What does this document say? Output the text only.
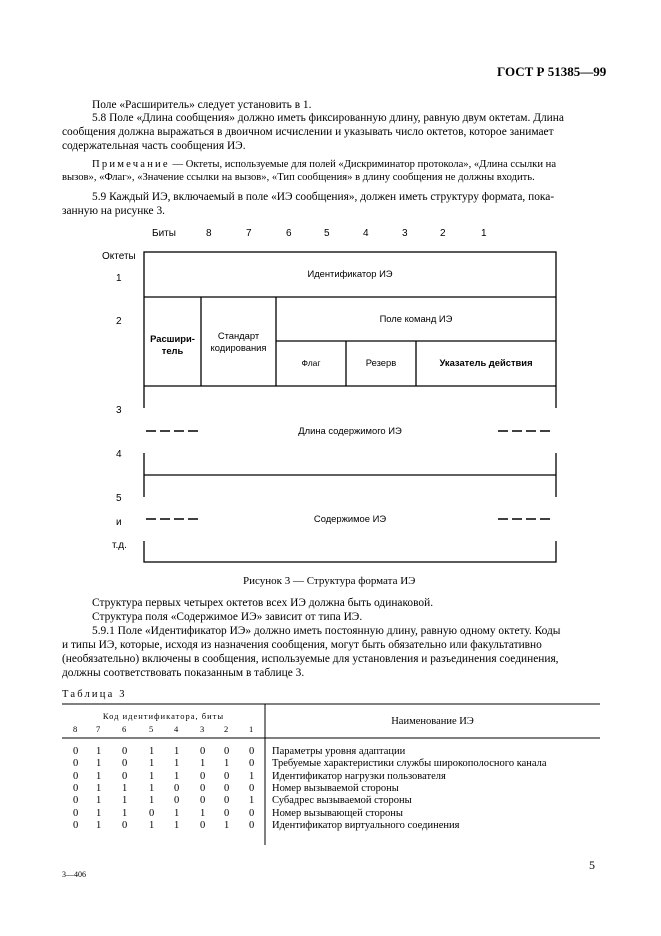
ГОСТ Р 51385—99
Поле «Расширитель» следует установить в 1.
5.8 Поле «Длина сообщения» должно иметь фиксированную длину, равную двум октетам. Длина
сообщения должна выражаться в двоичном исчислении и указывать число октетов, которое занимает
содержательная часть сообщения ИЭ.
Примечание — Октеты, используемые для полей «Дискриминатор протокола», «Длина ссылки на
вызов», «Флаг», «Значение ссылки на вызов», «Тип сообщения» в длину сообщения не должны входить.
5.9 Каждый ИЭ, включаемый в поле «ИЭ сообщения», должен иметь структуру формата, пока-
занную на рисунке 3.
Биты	8	7	6	5	4	3	2	1
Октеты
1
2
3
4
5
и
т.д.
Идентификатор ИЭ
Расшири-
тель
Стандарт
кодирования
Поле команд ИЭ
Флаг	Резерв	Указатель действия
Длина содержимого ИЭ
Содержимое ИЭ
Рисунок 3 — Структура формата ИЭ
Структура первых четырех октетов всех ИЭ должна быть одинаковой.
Структура поля «Содержимое ИЭ» зависит от типа ИЭ.
5.9.1 Поле «Идентификатор ИЭ» должно иметь постоянную длину, равную одному октету. Коды
и типы ИЭ, которые, исходя из назначения сообщения, могут быть обязательно или факультативно
(необязательно) включены в сообщения, используемые для установления и разъединения соединения,
должны соответствовать показанным в таблице 3.
Таблица 3
Код идентификатора, биты	Наименование ИЭ
8 7	6	5 4	3 2 1
0 1 0 1 1 0 0 0 Параметры уровня адаптации
0 1 0 1 1 1 1 0 Требуемые характеристики службы широкополосного канала
0 1 0 1 1 0 0 1 Идентификатор нагрузки пользователя
0 1 1 1 0 0 0 0 Номер вызываемой стороны
0 1 1 1 0 0 0 1 Субадрес вызываемой стороны
0 1 1 0 1 1 0 0 Номер вызывающей стороны
0 1 0 1 1 0 1 0 Идентификатор виртуального соединения
3—406
5
